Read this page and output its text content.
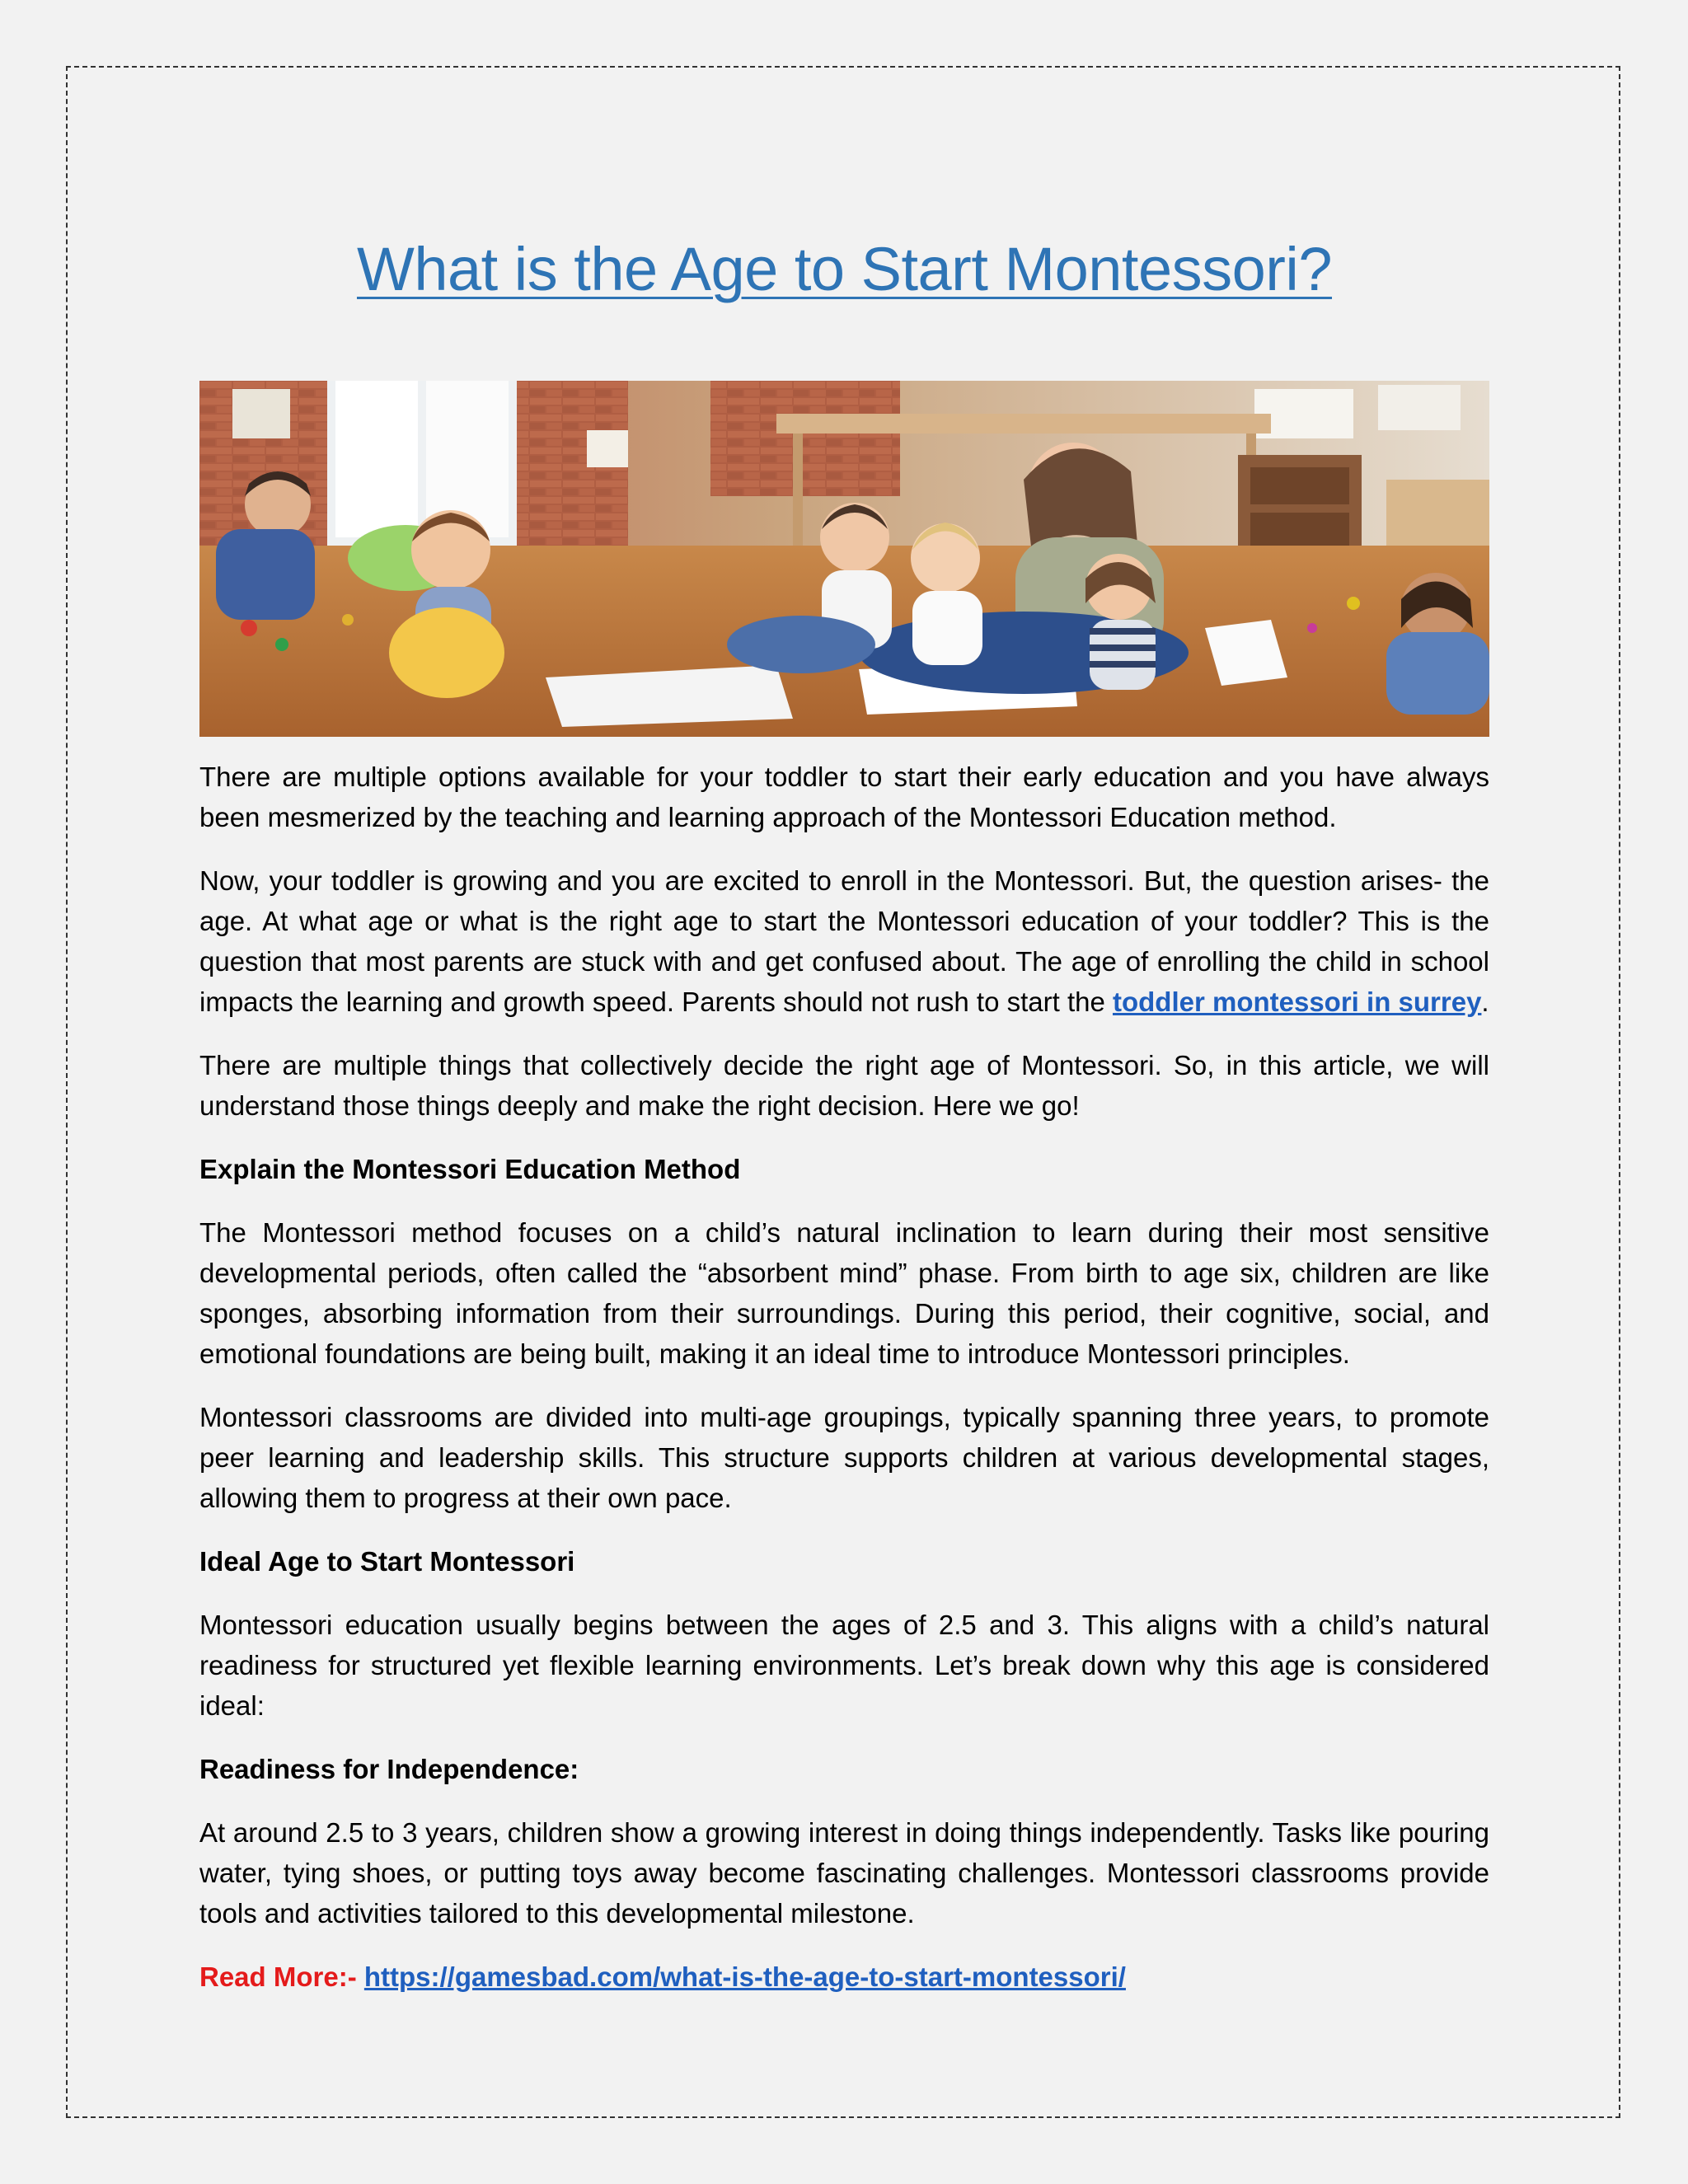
What is the Age to Start Montessori?

There are multiple options available for your toddler to start their early education and you have always been mesmerized by the teaching and learning approach of the Montessori Education method.

Now, your toddler is growing and you are excited to enroll in the Montessori. But, the question arises- the age. At what age or what is the right age to start the Montessori education of your toddler? This is the question that most parents are stuck with and get confused about. The age of enrolling the child in school impacts the learning and growth speed. Parents should not rush to start the toddler montessori in surrey.

There are multiple things that collectively decide the right age of Montessori. So, in this article, we will understand those things deeply and make the right decision. Here we go!

Explain the Montessori Education Method

The Montessori method focuses on a child’s natural inclination to learn during their most sensitive developmental periods, often called the “absorbent mind” phase. From birth to age six, children are like sponges, absorbing information from their surroundings. During this period, their cognitive, social, and emotional foundations are being built, making it an ideal time to introduce Montessori principles.

Montessori classrooms are divided into multi-age groupings, typically spanning three years, to promote peer learning and leadership skills. This structure supports children at various developmental stages, allowing them to progress at their own pace.

Ideal Age to Start Montessori

Montessori education usually begins between the ages of 2.5 and 3. This aligns with a child’s natural readiness for structured yet flexible learning environments. Let’s break down why this age is considered ideal:

Readiness for Independence:

At around 2.5 to 3 years, children show a growing interest in doing things independently. Tasks like pouring water, tying shoes, or putting toys away become fascinating challenges. Montessori classrooms provide tools and activities tailored to this developmental milestone.

Read More:- https://gamesbad.com/what-is-the-age-to-start-montessori/
